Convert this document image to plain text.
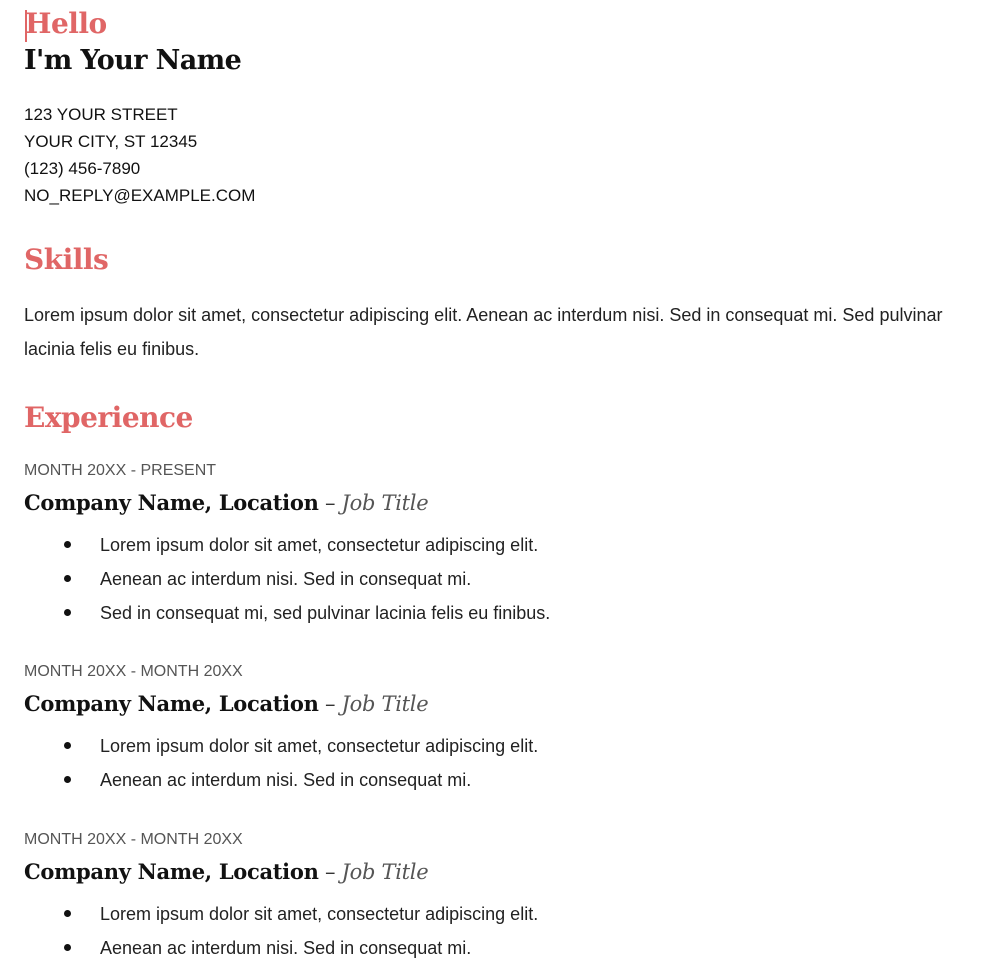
Hello
I'm Your Name
123 YOUR STREET
YOUR CITY, ST 12345
(123) 456-7890
NO_REPLY@EXAMPLE.COM
Skills

Lorem ipsum dolor sit amet, consectetur adipiscing elit. Aenean ac interdum nisi. Sed in consequat mi. Sed pulvinar lacinia felis eu finibus.

Experience
MONTH 20XX - PRESENT
Company Name, Location – Job Title
Lorem ipsum dolor sit amet, consectetur adipiscing elit.
Aenean ac interdum nisi. Sed in consequat mi.
Sed in consequat mi, sed pulvinar lacinia felis eu finibus.
MONTH 20XX - MONTH 20XX
Company Name, Location – Job Title
Lorem ipsum dolor sit amet, consectetur adipiscing elit.
Aenean ac interdum nisi. Sed in consequat mi.
MONTH 20XX - MONTH 20XX
Company Name, Location – Job Title
Lorem ipsum dolor sit amet, consectetur adipiscing elit.
Aenean ac interdum nisi. Sed in consequat mi.
